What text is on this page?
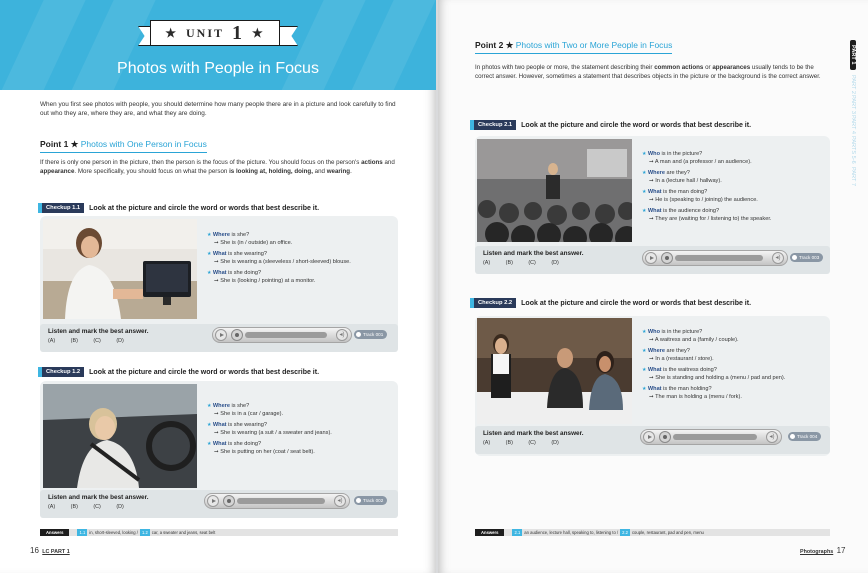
★ UNIT 1 ★
Photos with People in Focus
When you first see photos with people, you should determine how many people there are in a picture and look carefully to find out who they are, where they are, and what they are doing.
Point 1 ★ Photos with One Person in Focus
If there is only one person in the picture, then the person is the focus of the picture. You should focus on the person's actions and appearance. More specifically, you should focus on what the person is looking at, holding, doing, and wearing.
Checkup 1.1	Look at the picture and circle the word or words that best describe it.
★ Where is she?
➞ She is (in / outside) an office.
★ What is she wearing?
➞ She is wearing a (sleeveless / short-sleeved) blouse.
★ What is she doing?
➞ She is (looking / pointing) at a monitor.
Listen and mark the best answer.
(A) (B) (C) (D)
◂)	Track 001
Checkup 1.2	Look at the picture and circle the word or words that best describe it.
★ Where is she?
➞ She is in a (car / garage).
★ What is she wearing?
➞ She is wearing (a suit / a sweater and jeans).
★ What is she doing?
➞ She is putting on her (coat / seat belt).
Listen and mark the best answer.
(A) (B) (C) (D)
◂)	Track 002
Answers	1.1 in, short-sleeved, looking / 1.2 car, a sweater and jeans, seat belt
16 LC PART 1
Point 2 ★ Photos with Two or More People in Focus
In photos with two people or more, the statement describing their common actions or appearances usually tends to be the correct answer. However, sometimes a statement that describes objects in the picture or the background is the correct answer.
Checkup 2.1	Look at the picture and circle the word or words that best describe it.
★ Who is in the picture?
➞ A man and (a professor / an audience).
★ Where are they?
➞ In a (lecture hall / hallway).
★ What is the man doing?
➞ He is (speaking to / joining) the audience.
★ What is the audience doing?
➞ They are (waiting for / listening to) the speaker.
Listen and mark the best answer.
(A) (B) (C) (D)
◂)	Track 003
Checkup 2.2	Look at the picture and circle the word or words that best describe it.
★ Who is in the picture?
➞ A waitress and a (family / couple).
★ Where are they?
➞ In a (restaurant / store).
★ What is the waitress doing?
➞ She is standing and holding a (menu / pad and pen).
★ What is the man holding?
➞ The man is holding a (menu / fork).
Listen and mark the best answer.
(A) (B) (C) (D)
◂)	Track 004
Answers	2.1 an audience, lecture hall, speaking to, listening to / 2.2 couple, restaurant, pad and pen, menu
Photographs 17
PART 1
PART 2
PART 3
PART 4
PARTS 5-6
PART 7
